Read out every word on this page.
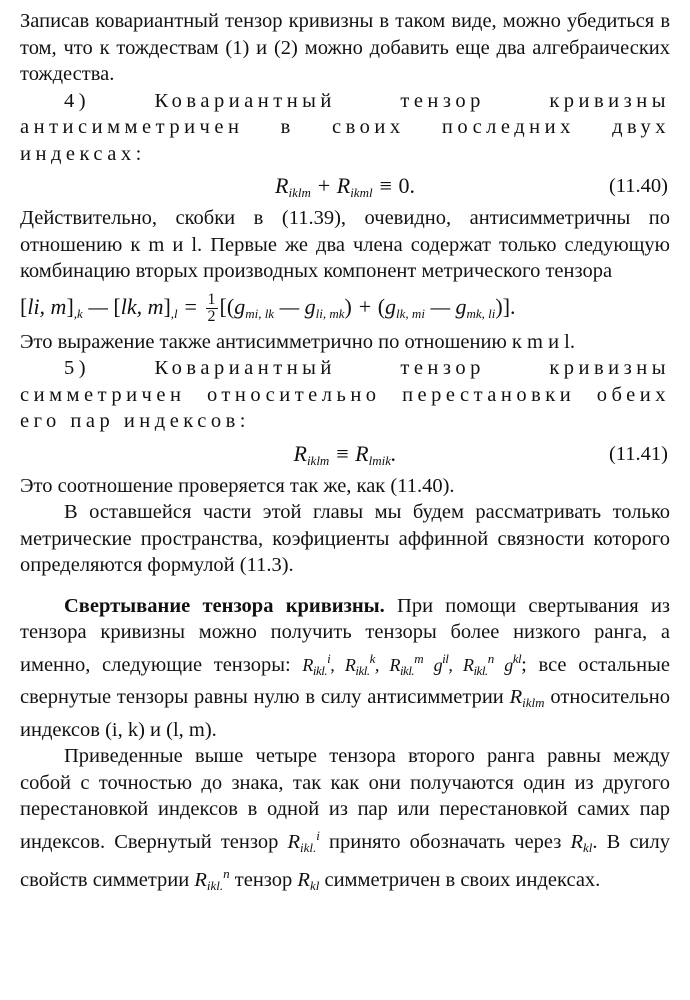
Записав ковариантный тензор кривизны в таком виде, можно убедиться в том, что к тождествам (1) и (2) можно добавить еще два алгебраических тождества.

4) Ковариантный тензор кривизны антисимметричен в своих последних двух индексах:

$R_{iklm} + R_{ikml} \equiv 0$.	(11.40)

Действительно, скобки в (11.39), очевидно, антисимметричны по отношению к m и l. Первые же два члена содержат только следующую комбинацию вторых производных компонент метрического тензора

[li, $m]_{,k}$ — [lk, $m]_{,l} = \frac{1}{2} [(g_{mi, lk}$ — $g_{li, mk}) + (g_{lk, mi}$ — $g_{mk, li}$)].

Это выражение также антисимметрично по отношению к m и l.

5) Ковариантный тензор кривизны симметричен относительно перестановки обеих его пар индексов:

$R_{iklm} \equiv R_{lmik}$.	(11.41)

Это соотношение проверяется так же, как (11.40).

В оставшейся части этой главы мы будем рассматривать только метрические пространства, коэфициенты аффинной связности которого определяются формулой (11.3).

Свертывание тензора кривизны. При помощи свертывания из тензора кривизны можно получить тензоры более низкого ранга, а именно, следующие тензоры: $R_{ikl.}^i$, $R_{ikl.}^k$, $R_{ikl.}^m$ $g^{il}$, $R_{ikl.}^n$ $g^{kl}$; все остальные свернутые тензоры равны нулю в силу антисимметрии $R_{iklm}$ относительно индексов (i, k) и (l, m).

Приведенные выше четыре тензора второго ранга равны между собой с точностью до знака, так как они получаются один из другого перестановкой индексов в одной из пар или перестановкой самих пар индексов. Свернутый тензор $R_{ikl.}^i$ принято обозначать через $R_{kl}$. В силу свойств симметрии $R_{ikl.}^n$ тензор $R_{kl}$ симметричен в своих индексах.
